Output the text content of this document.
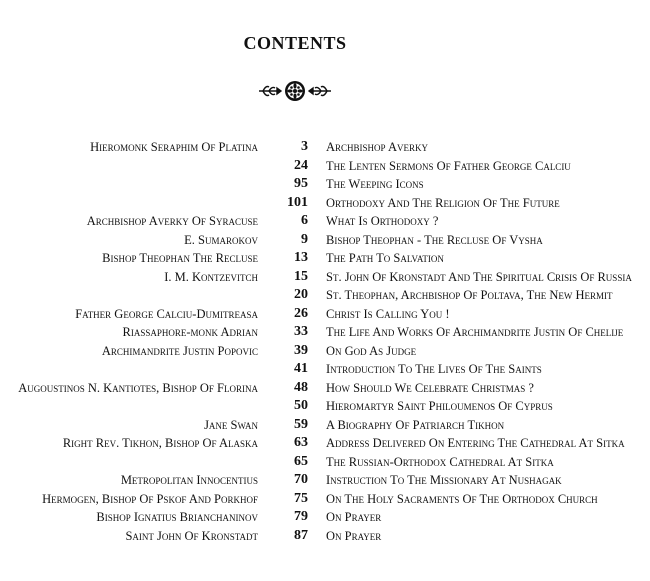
CONTENTS
Hieromonk Seraphim Of Platina	3 Archbishop Averky
24 The Lenten Sermons Of Father George Calciu
95 The Weeping Icons
101 Orthodoxy And The Religion Of The Future
Archbishop Averky Of Syracuse	6 What Is Orthodoxy ?
E. Sumarokov	9 Bishop Theophan - The Recluse Of Vysha
Bishop Theophan The Recluse	13 The Path To Salvation
I. M. Kontzevitch	15 St. John Of Kronstadt And The Spiritual Crisis Of Russia
20 St. Theophan, Archbishop Of Poltava, The New Hermit
Father George Calciu-Dumitreasa	26 Christ Is Calling You !
Riassaphore-monk Adrian	33 The Life And Works Of Archimandrite Justin Of Chelije
Archimandrite Justin Popovic	39 On God As Judge
41 Introduction To The Lives Of The Saints
Augoustinos N. Kantiotes, Bishop Of Florina	48 How Should We Celebrate Christmas ?
50 Hieromartyr Saint Philoumenos Of Cyprus
Jane Swan	59 A Biography Of Patriarch Tikhon
Right Rev. Tikhon, Bishop Of Alaska	63 Address Delivered On Entering The Cathedral At Sitka
65 The Russian-Orthodox Cathedral At Sitka
Metropolitan Innocentius	70 Instruction To The Missionary At Nushagak
Hermogen, Bishop Of Pskof And Porkhof	75 On The Holy Sacraments Of The Orthodox Church
Bishop Ignatius Brianchaninov	79 On Prayer
Saint John Of Kronstadt	87 On Prayer
